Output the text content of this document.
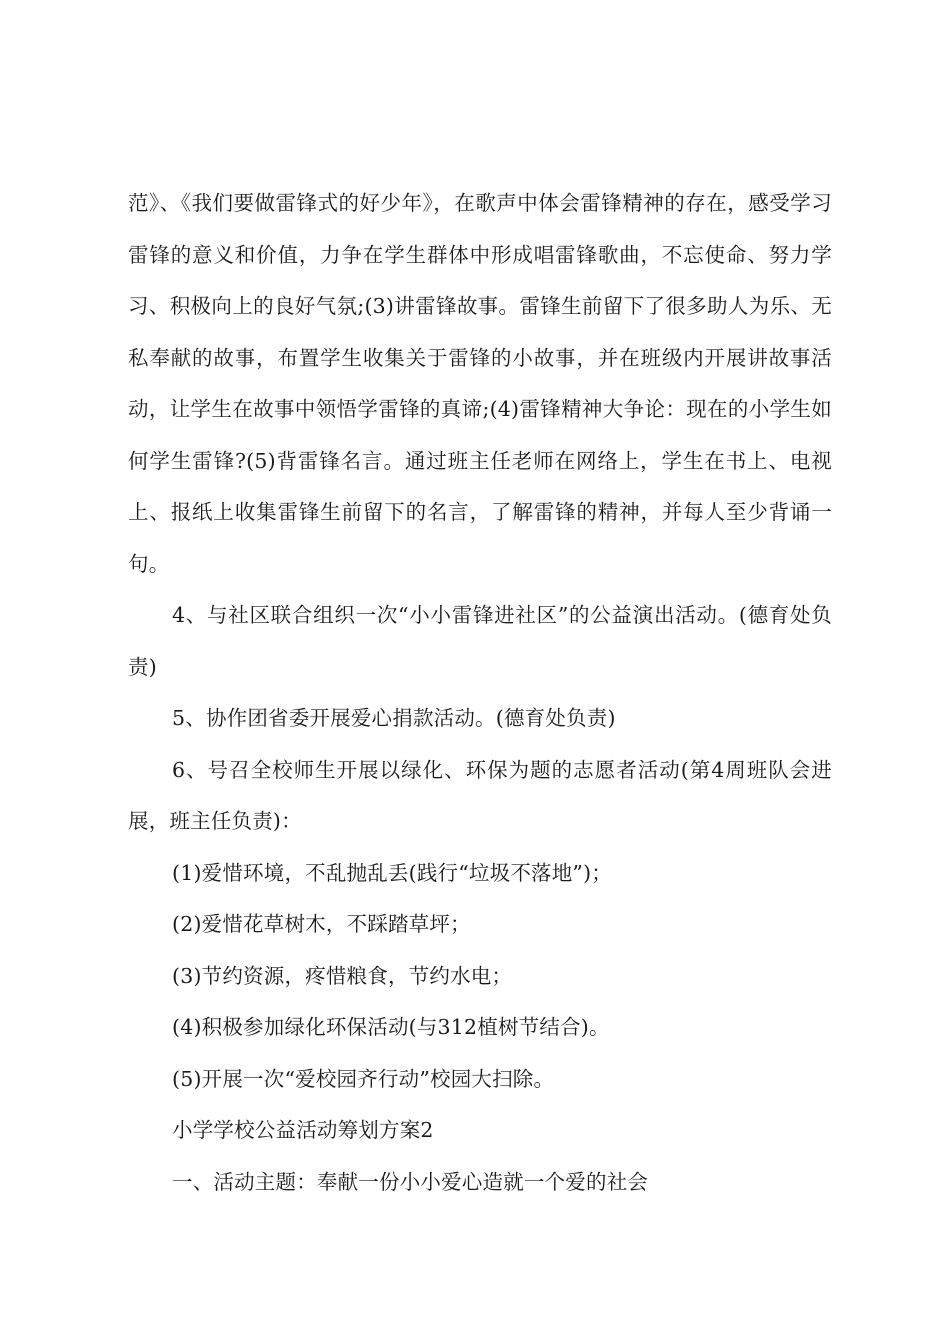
范》、《我们要做雷锋式的好少年》，在歌声中体会雷锋精神的存在，感受学习雷锋的意义和价值，力争在学生群体中形成唱雷锋歌曲，不忘使命、努力学习、积极向上的良好气氛;(3)讲雷锋故事。雷锋生前留下了很多助人为乐、无私奉献的故事，布置学生收集关于雷锋的小故事，并在班级内开展讲故事活动，让学生在故事中领悟学雷锋的真谛;(4)雷锋精神大争论：现在的小学生如何学生雷锋?(5)背雷锋名言。通过班主任老师在网络上，学生在书上、电视上、报纸上收集雷锋生前留下的名言，了解雷锋的精神，并每人至少背诵一句。

4、与社区联合组织一次“小小雷锋进社区”的公益演出活动。(德育处负责)

5、协作团省委开展爱心捐款活动。(德育处负责)

6、号召全校师生开展以绿化、环保为题的志愿者活动(第4周班队会进展，班主任负责)：

(1)爱惜环境，不乱抛乱丢(践行“垃圾不落地”)；

(2)爱惜花草树木，不踩踏草坪；

(3)节约资源，疼惜粮食，节约水电；

(4)积极参加绿化环保活动(与312植树节结合)。

(5)开展一次“爱校园齐行动”校园大扫除。

小学学校公益活动筹划方案2

一、活动主题：奉献一份小小爱心造就一个爱的社会
